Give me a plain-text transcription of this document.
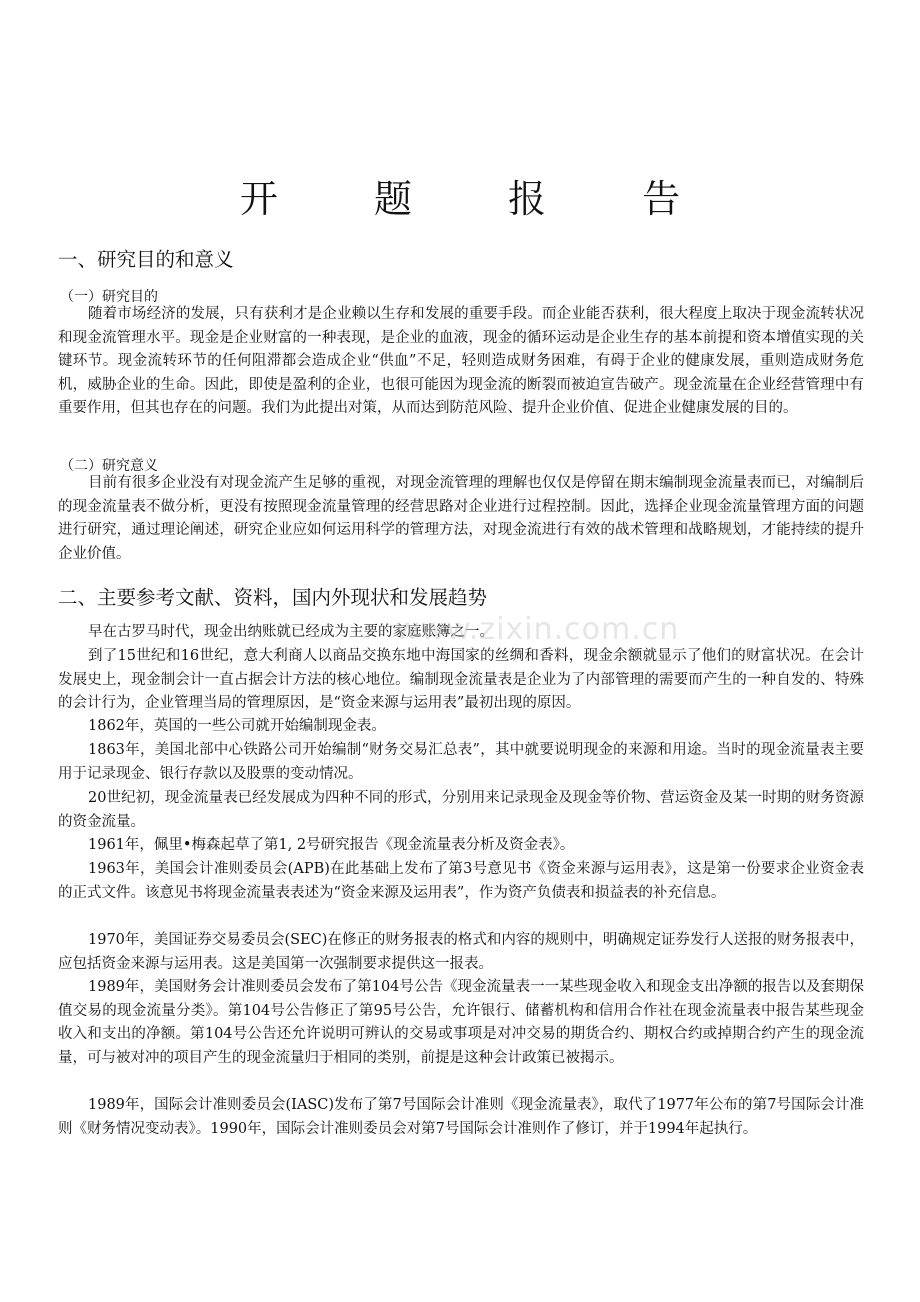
开 题 报 告
一、研究目的和意义
（一）研究目的

随着市场经济的发展，只有获利才是企业赖以生存和发展的重要手段。而企业能否获利，很大程度上取决于现金流转状况和现金流管理水平。现金是企业财富的一种表现，是企业的血液，现金的循环运动是企业生存的基本前提和资本增值实现的关键环节。现金流转环节的任何阻滞都会造成企业“供血”不足，轻则造成财务困难，有碍于企业的健康发展，重则造成财务危机，威胁企业的生命。因此，即使是盈利的企业，也很可能因为现金流的断裂而被迫宣告破产。现金流量在企业经营管理中有重要作用，但其也存在的问题。我们为此提出对策，从而达到防范风险、提升企业价值、促进企业健康发展的目的。

（二）研究意义

目前有很多企业没有对现金流产生足够的重视，对现金流管理的理解也仅仅是停留在期末编制现金流量表而已，对编制后的现金流量表不做分析，更没有按照现金流量管理的经营思路对企业进行过程控制。因此，选择企业现金流量管理方面的问题进行研究，通过理论阐述，研究企业应如何运用科学的管理方法，对现金流进行有效的战术管理和战略规划，才能持续的提升企业价值。

二、主要参考文献、资料，国内外现状和发展趋势

早在古罗马时代，现金出纳账就已经成为主要的家庭账簿之一。

到了15世纪和16世纪，意大利商人以商品交换东地中海国家的丝绸和香料，现金余额就显示了他们的财富状况。在会计发展史上，现金制会计一直占据会计方法的核心地位。编制现金流量表是企业为了内部管理的需要而产生的一种自发的、特殊的会计行为，企业管理当局的管理原因，是“资金来源与运用表”最初出现的原因。

1862年，英国的一些公司就开始编制现金表。

1863年，美国北部中心铁路公司开始编制“财务交易汇总表”，其中就要说明现金的来源和用途。当时的现金流量表主要用于记录现金、银行存款以及股票的变动情况。

20世纪初，现金流量表已经发展成为四种不同的形式，分别用来记录现金及现金等价物、营运资金及某一时期的财务资源的资金流量。

1961年，佩里•梅森起草了第1, 2号研究报告《现金流量表分析及资金表》。

1963年，美国会计准则委员会(APB)在此基础上发布了第3号意见书《资金来源与运用表》，这是第一份要求企业资金表的正式文件。该意见书将现金流量表表述为“资金来源及运用表”，作为资产负债表和损益表的补充信息。

1970年，美国证券交易委员会(SEC)在修正的财务报表的格式和内容的规则中，明确规定证券发行人送报的财务报表中，应包括资金来源与运用表。这是美国第一次强制要求提供这一报表。

1989年，美国财务会计准则委员会发布了第104号公告《现金流量表一一某些现金收入和现金支出净额的报告以及套期保值交易的现金流量分类》。第104号公告修正了第95号公告，允许银行、储蓄机构和信用合作社在现金流量表中报告某些现金收入和支出的净额。第104号公告还允许说明可辨认的交易或事项是对冲交易的期货合约、期权合约或掉期合约产生的现金流量，可与被对冲的项目产生的现金流量归于相同的类别，前提是这种会计政策已被揭示。

1989年，国际会计准则委员会(IASC)发布了第7号国际会计准则《现金流量表》，取代了1977年公布的第7号国际会计准则《财务情况变动表》。1990年，国际会计准则委员会对第7号国际会计准则作了修订，并于1994年起执行。

www.zixin.com.cn
